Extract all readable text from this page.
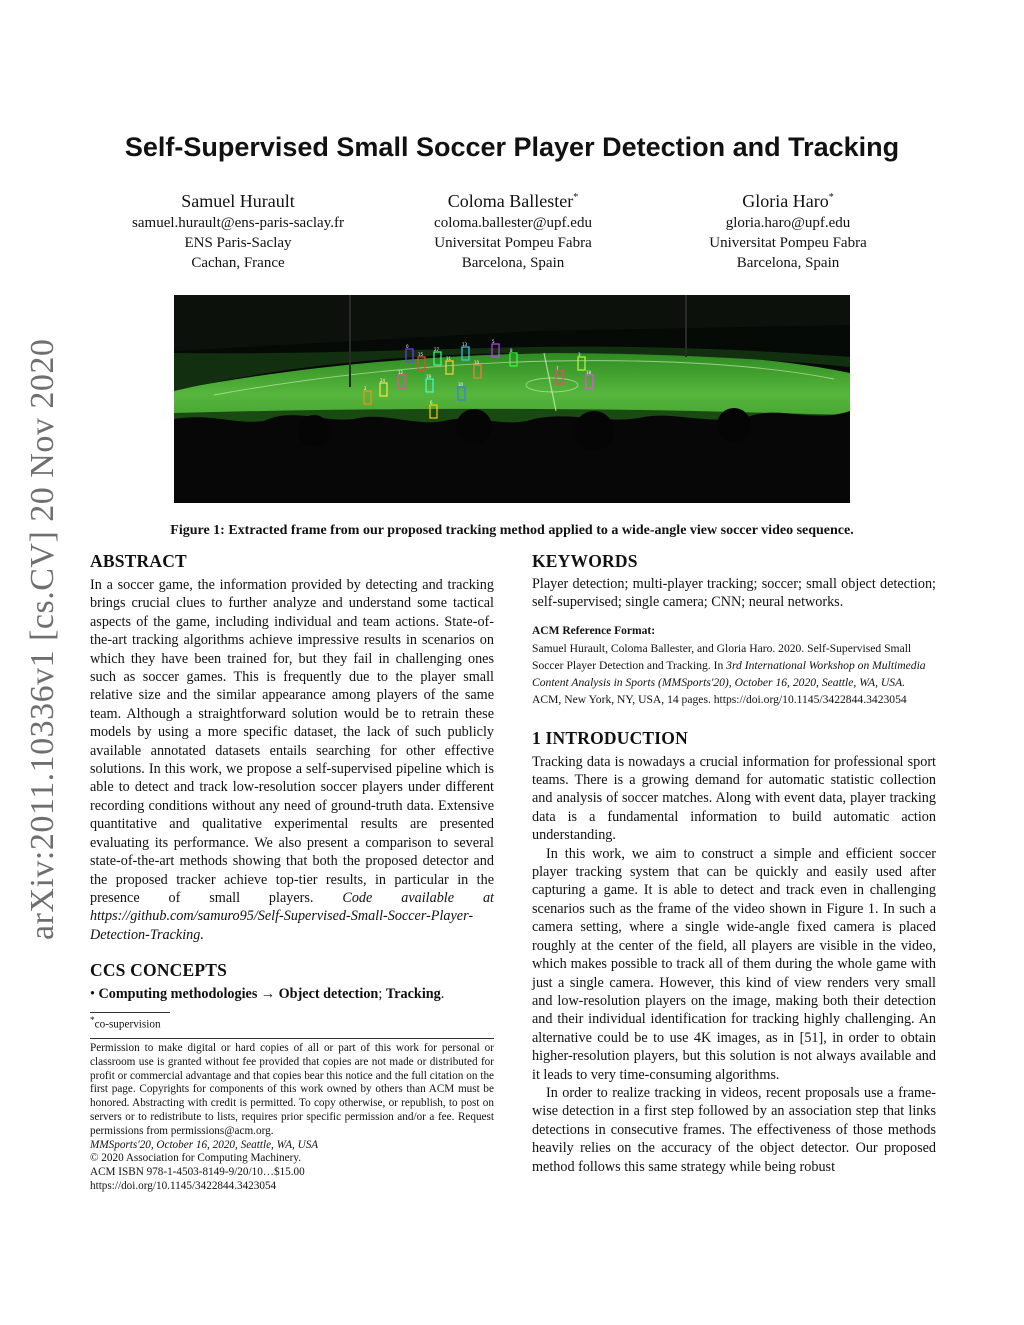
arXiv:2011.10336v1 [cs.CV] 20 Nov 2020
Self-Supervised Small Soccer Player Detection and Tracking
Samuel Hurault
samuel.hurault@ens-paris-saclay.fr
ENS Paris-Saclay
Cachan, France
Coloma Ballester*
coloma.ballester@upf.edu
Universitat Pompeu Fabra
Barcelona, Spain
Gloria Haro*
gloria.haro@upf.edu
Universitat Pompeu Fabra
Barcelona, Spain
0
15
27
31
13
10
5
8
12
24
19
2
30
7
3
18
6
Figure 1: Extracted frame from our proposed tracking method applied to a wide-angle view soccer video sequence.
ABSTRACT

In a soccer game, the information provided by detecting and tracking brings crucial clues to further analyze and understand some tactical aspects of the game, including individual and team actions. State-of-the-art tracking algorithms achieve impressive results in scenarios on which they have been trained for, but they fail in challenging ones such as soccer games. This is frequently due to the player small relative size and the similar appearance among players of the same team. Although a straightforward solution would be to retrain these models by using a more specific dataset, the lack of such publicly available annotated datasets entails searching for other effective solutions. In this work, we propose a self-supervised pipeline which is able to detect and track low-resolution soccer players under different recording conditions without any need of ground-truth data. Extensive quantitative and qualitative experimental results are presented evaluating its performance. We also present a comparison to several state-of-the-art methods showing that both the proposed detector and the proposed tracker achieve top-tier results, in particular in the presence of small players. Code available at https://github.com/samuro95/Self-Supervised-Small-Soccer-Player-Detection-Tracking.

CCS CONCEPTS

• Computing methodologies → Object detection; Tracking.

*co-supervision

Permission to make digital or hard copies of all or part of this work for personal or classroom use is granted without fee provided that copies are not made or distributed for profit or commercial advantage and that copies bear this notice and the full citation on the first page. Copyrights for components of this work owned by others than ACM must be honored. Abstracting with credit is permitted. To copy otherwise, or republish, to post on servers or to redistribute to lists, requires prior specific permission and/or a fee. Request permissions from permissions@acm.org.

MMSports'20, October 16, 2020, Seattle, WA, USA

© 2020 Association for Computing Machinery.

ACM ISBN 978-1-4503-8149-9/20/10…$15.00

https://doi.org/10.1145/3422844.3423054

KEYWORDS

Player detection; multi-player tracking; soccer; small object detection; self-supervised; single camera; CNN; neural networks.

ACM Reference Format:

Samuel Hurault, Coloma Ballester, and Gloria Haro. 2020. Self-Supervised Small Soccer Player Detection and Tracking. In 3rd International Workshop on Multimedia Content Analysis in Sports (MMSports'20), October 16, 2020, Seattle, WA, USA. ACM, New York, NY, USA, 14 pages. https://doi.org/10.1145/3422844.3423054

1 INTRODUCTION

Tracking data is nowadays a crucial information for professional sport teams. There is a growing demand for automatic statistic collection and analysis of soccer matches. Along with event data, player tracking data is a fundamental information to build automatic action understanding.

In this work, we aim to construct a simple and efficient soccer player tracking system that can be quickly and easily used after capturing a game. It is able to detect and track even in challenging scenarios such as the frame of the video shown in Figure 1. In such a camera setting, where a single wide-angle fixed camera is placed roughly at the center of the field, all players are visible in the video, which makes possible to track all of them during the whole game with just a single camera. However, this kind of view renders very small and low-resolution players on the image, making both their detection and their individual identification for tracking highly challenging. An alternative could be to use 4K images, as in [51], in order to obtain higher-resolution players, but this solution is not always available and it leads to very time-consuming algorithms.

In order to realize tracking in videos, recent proposals use a frame-wise detection in a first step followed by an association step that links detections in consecutive frames. The effectiveness of those methods heavily relies on the accuracy of the object detector. Our proposed method follows this same strategy while being robust
